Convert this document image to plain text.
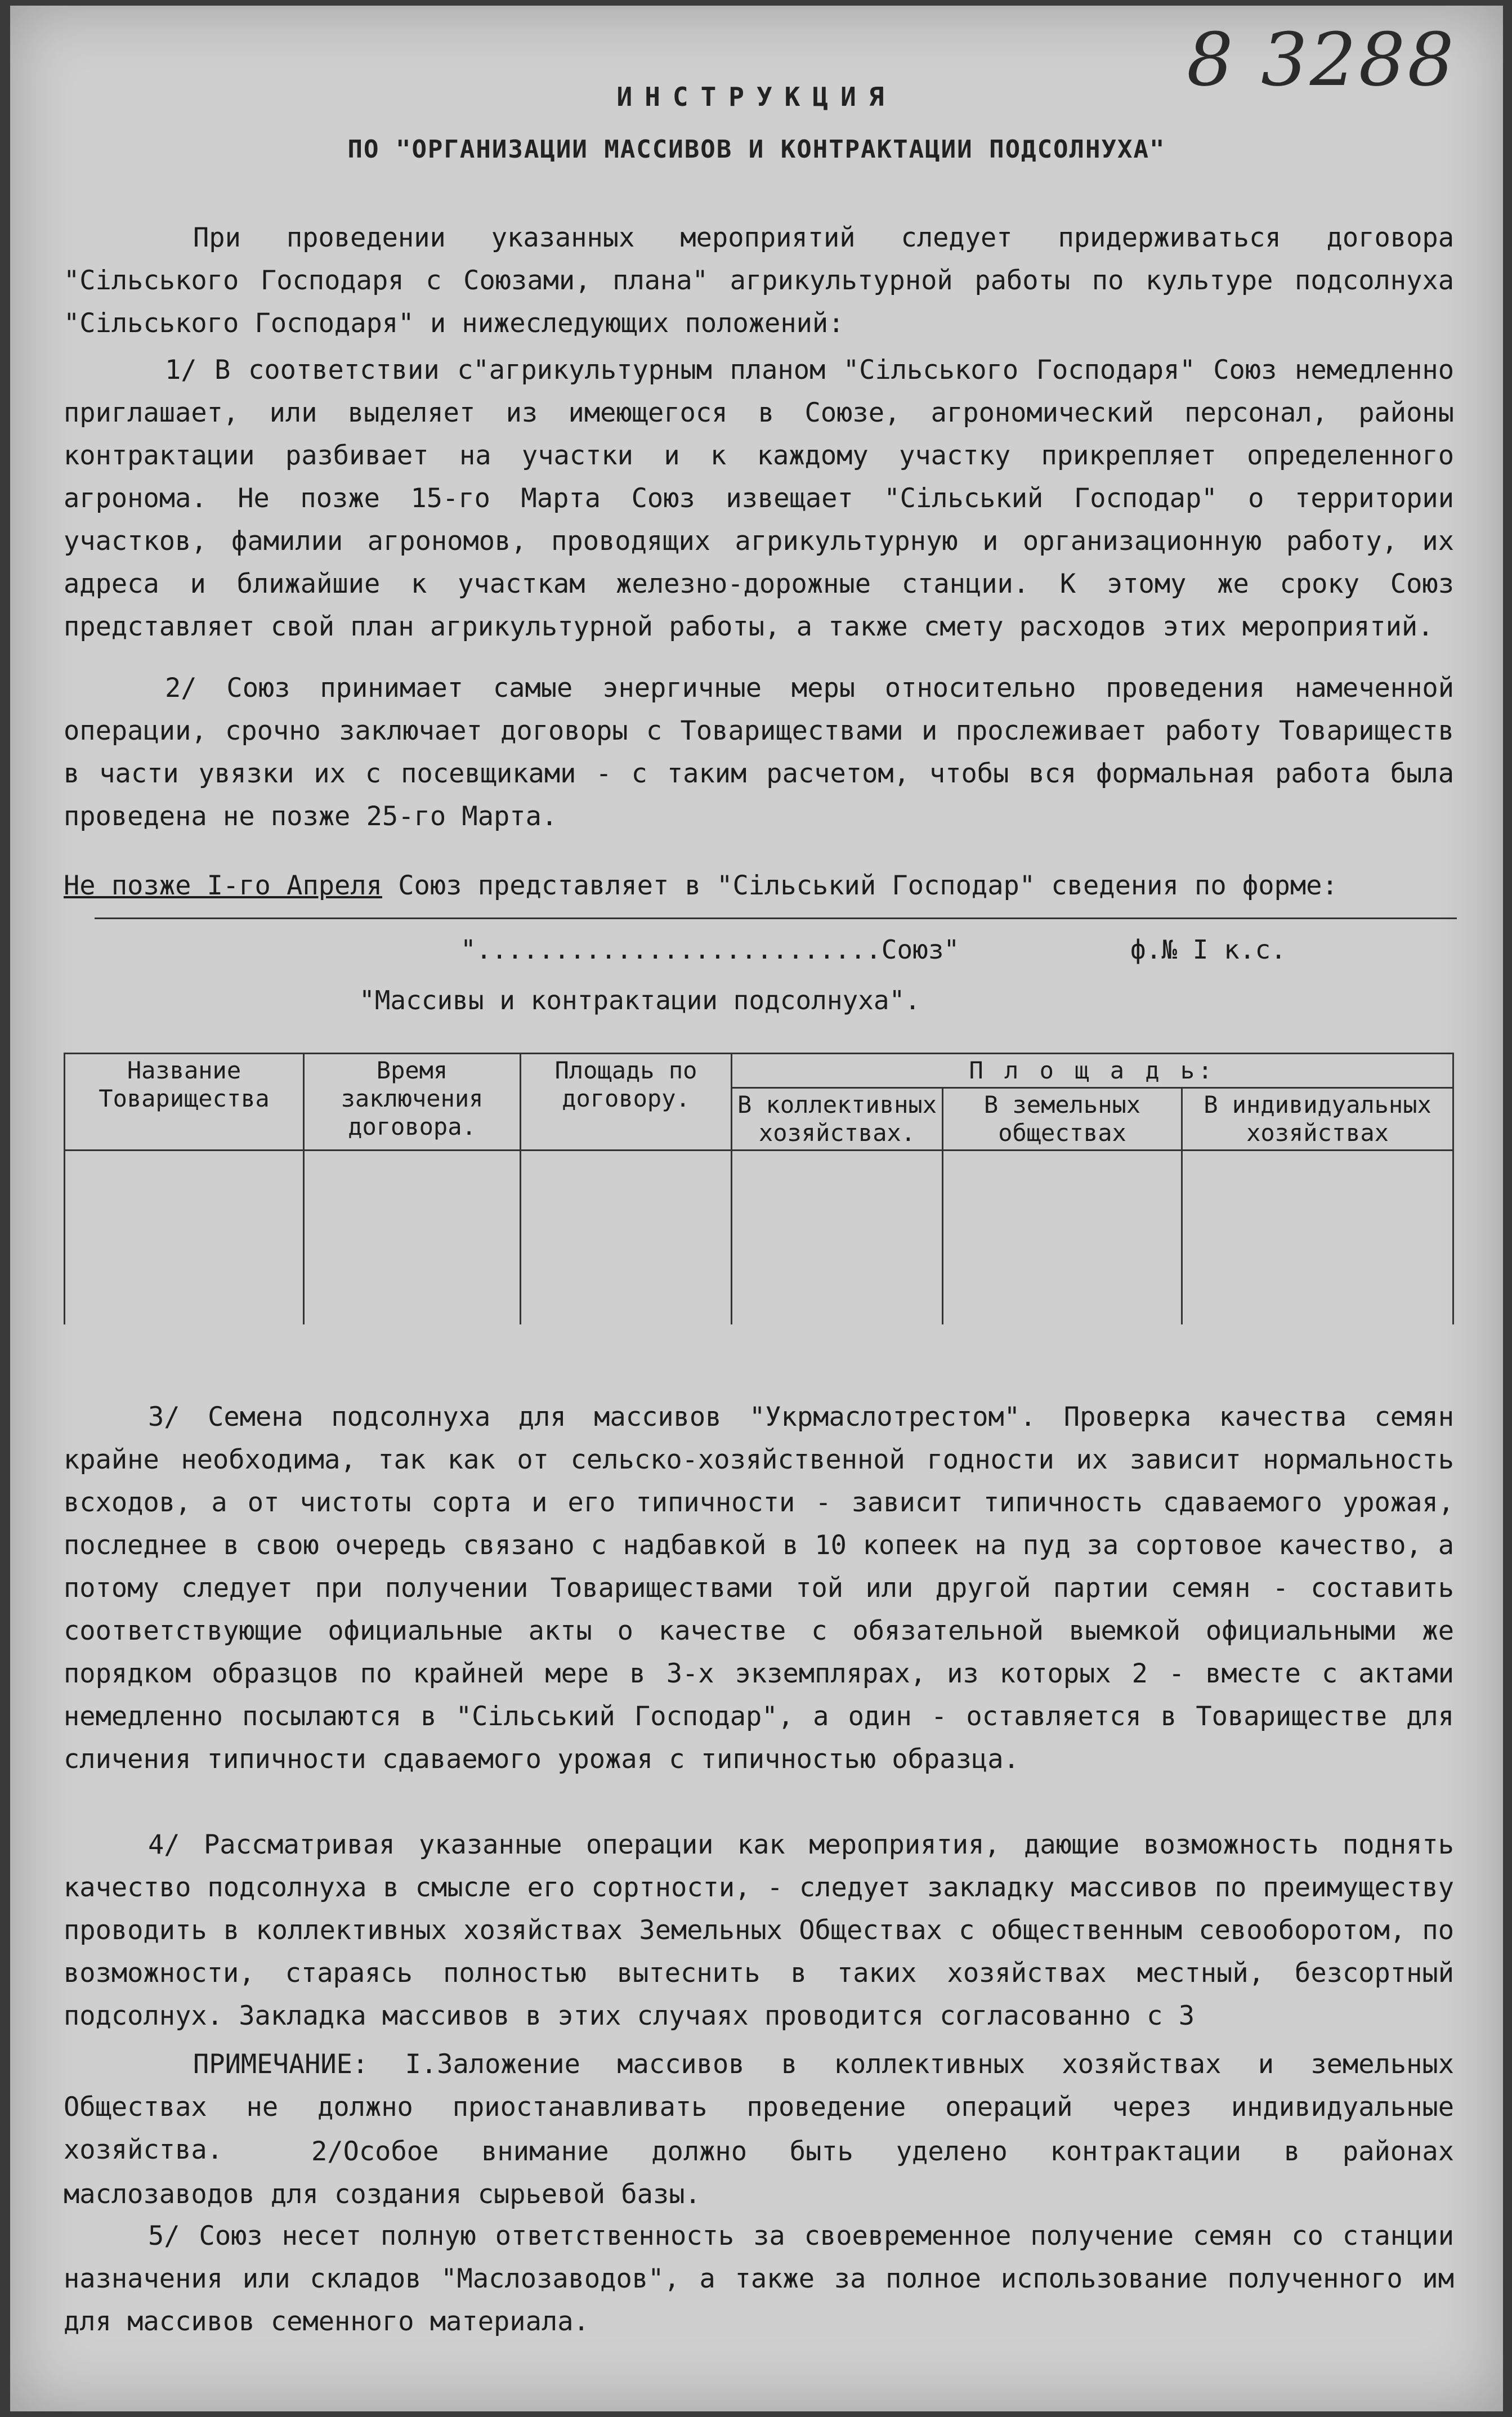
8 3288
ИНСТРУКЦИЯ
ПО "ОРГАНИЗАЦИИ МАССИВОВ И КОНТРАКТАЦИИ ПОДСОЛНУХА"
При проведении указанных мероприятий следует придерживаться договора "Сільського Господаря с Союзами, плана" агрикультурной работы по культуре подсолнуха "Сільського Господаря" и нижеследующих положений:
1/ В соответствии с"агрикультурным планом "Сільського Господаря" Союз немедленно приглашает, или выделяет из имеющегося в Союзе, агрономический персонал, районы контрактации разбивает на участки и к каждому участку прикрепляет определенного агронома. Не позже 15-го Марта Союз извещает "Сільський Господар" о территории участков, фамилии агрономов, проводящих агрикультурную и организационную работу, их адреса и ближайшие к участкам железно-дорожные станции. К этому же сроку Союз представляет свой план агрикультурной работы, а также смету расходов этих мероприятий.
2/ Союз принимает самые энергичные меры относительно проведения намеченной операции, срочно заключает договоры с Товариществами и прослеживает работу Товариществ в части увязки их с посевщиками - с таким расчетом, чтобы вся формальная работа была проведена не позже 25-го Марта.

Не позже I-го Апреля Союз представляет в "Сільський Господар" сведения по форме:

"..........................Союз"	ф.№ I к.с.
"Массивы и контрактации подсолнуха".
Название Товарищества	Время заключения договора.	Площадь по договору.	П л о щ а д ь:		
			В коллективных хозяйствах.	В земельных обществах	В индивидуальных хозяйствах

3/ Семена подсолнуха для массивов "Укрмаслотрестом". Проверка качества семян крайне необходима, так как от сельско-хозяйственной годности их зависит нормальность всходов, а от чистоты сорта и его типичности - зависит типичность сдаваемого урожая, последнее в свою очередь связано с надбавкой в 10 копеек на пуд за сортовое качество, а потому следует при получении Товариществами той или другой партии семян - составить соответствующие официальные акты о качестве с обязательной выемкой официальными же порядком образцов по крайней мере в 3-х экземплярах, из которых 2 - вместе с актами немедленно посылаются в "Сільський Господар", а один - оставляется в Товариществе для сличения типичности сдаваемого урожая с типичностью образца.
4/ Рассматривая указанные операции как мероприятия, дающие возможность поднять качество подсолнуха в смысле его сортности, - следует закладку массивов по преимуществу проводить в коллективных хозяйствах Земельных Обществах с общественным севооборотом, по возможности, стараясь полностью вытеснить в таких хозяйствах местный, безсортный подсолнух. Закладка массивов в этих случаях проводится согласованно с З
ПРИМЕЧАНИЕ: I.Заложение массивов в коллективных хозяйствах и земельных Обществах не должно приостанавливать проведение операций через индивидуальные хозяйства.	2/Особое внимание должно быть уделено контрактации в районах маслозаводов для создания сырьевой базы.
5/ Союз несет полную ответственность за своевременное получение семян со станции назначения или складов "Маслозаводов", а также за полное использование полученного им для массивов семенного материала.
